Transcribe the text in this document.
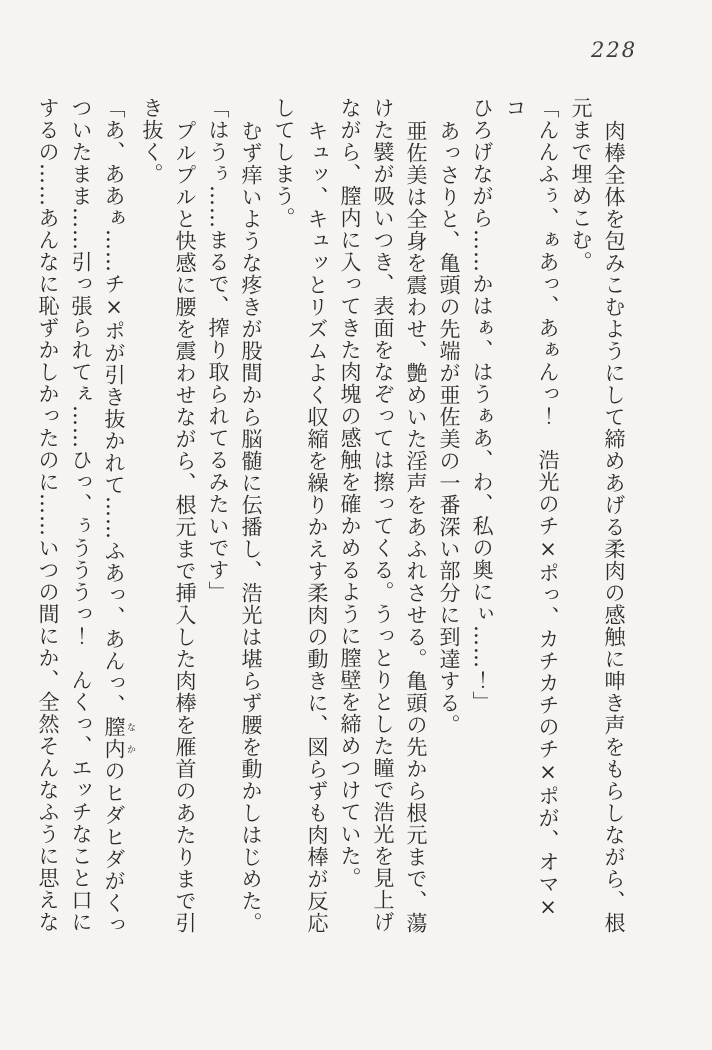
228
肉棒全体を包みこむようにして締めあげる柔肉の感触に呻き声をもらしながら、根
元まで埋めこむ。
「んんふぅ、ぁあっ、あぁんっ！　浩光のチ×ポっ、カチカチのチ×ポが、オマ×コ
ひろげながら……かはぁ、はうぁあ、わ、私の奥にぃ……！」
あっさりと、亀頭の先端が亜佐美の一番深い部分に到達する。
亜佐美は全身を震わせ、艶めいた淫声をあふれさせる。亀頭の先から根元まで、蕩
けた襞が吸いつき、表面をなぞっては擦ってくる。うっとりとした瞳で浩光を見上げ
ながら、膣内に入ってきた肉塊の感触を確かめるように膣壁を締めつけていた。
キュッ、キュッとリズムよく収縮を繰りかえす柔肉の動きに、図らずも肉棒が反応
してしまう。
むず痒いような疼きが股間から脳髄に伝播し、浩光は堪らず腰を動かしはじめた。
「はうぅ……まるで、搾り取られてるみたいです」
プルプルと快感に腰を震わせながら、根元まで挿入した肉棒を雁首のあたりまで引
き抜く。
「あ、ああぁ……チ×ポが引き抜かれて……ふあっ、あんっ、膣内 なかのヒダヒダがくっ
ついたまま……引っ張られてぇ……ひっ、ぅうううっ！　んくっ、エッチなこと口に
するの……あんなに恥ずかしかったのに……いつの間にか、全然そんなふうに思えな
